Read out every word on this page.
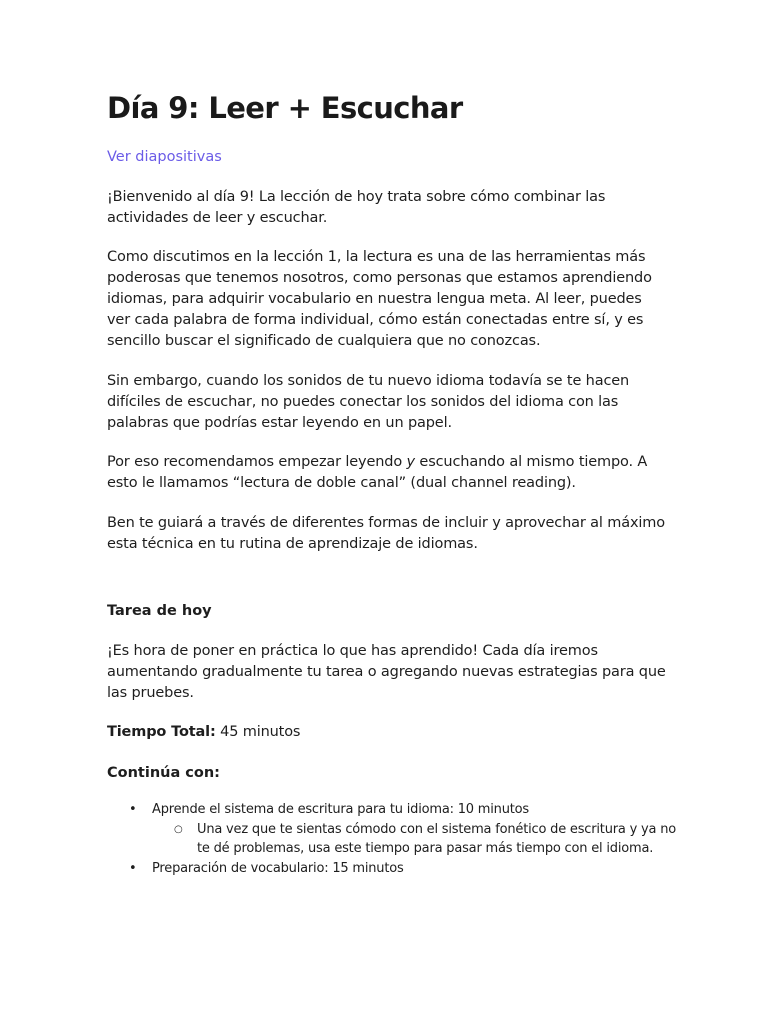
Día 9: Leer + Escuchar
Ver diapositivas

¡Bienvenido al día 9! La lección de hoy trata sobre cómo combinar las actividades de leer y escuchar.

Como discutimos en la lección 1, la lectura es una de las herramientas más poderosas que tenemos nosotros, como personas que estamos aprendiendo idiomas, para adquirir vocabulario en nuestra lengua meta. Al leer, puedes ver cada palabra de forma individual, cómo están conectadas entre sí, y es sencillo buscar el significado de cualquiera que no conozcas.

Sin embargo, cuando los sonidos de tu nuevo idioma todavía se te hacen difíciles de escuchar, no puedes conectar los sonidos del idioma con las palabras que podrías estar leyendo en un papel.

Por eso recomendamos empezar leyendo y escuchando al mismo tiempo. A esto le llamamos “lectura de doble canal” (dual channel reading).

Ben te guiará a través de diferentes formas de incluir y aprovechar al máximo esta técnica en tu rutina de aprendizaje de idiomas.

Tarea de hoy

¡Es hora de poner en práctica lo que has aprendido! Cada día iremos aumentando gradualmente tu tarea o agregando nuevas estrategias para que las pruebes.

Tiempo Total: 45 minutos

Continúa con:

• Aprende el sistema de escritura para tu idioma: 10 minutos
○ Una vez que te sientas cómodo con el sistema fonético de escritura y ya no te dé problemas, usa este tiempo para pasar más tiempo con el idioma.
• Preparación de vocabulario: 15 minutos
